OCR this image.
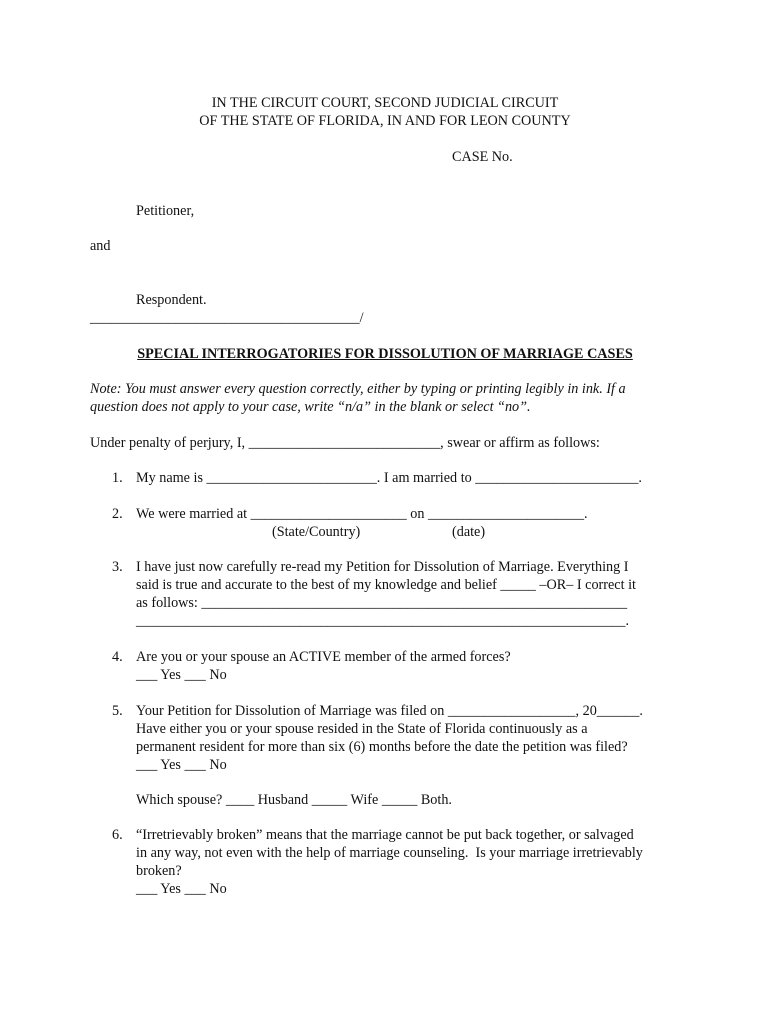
IN THE CIRCUIT COURT, SECOND JUDICIAL CIRCUIT
OF THE STATE OF FLORIDA, IN AND FOR LEON COUNTY
CASE No.
Petitioner,
and
Respondent.
______________________________________/
SPECIAL INTERROGATORIES FOR DISSOLUTION OF MARRIAGE CASES
Note: You must answer every question correctly, either by typing or printing legibly in ink. If a
question does not apply to your case, write “n/a” in the blank or select “no”.
Under penalty of perjury, I, ___________________________, swear or affirm as follows:
1. My name is ________________________. I am married to _______________________.
2. We were married at ______________________ on ______________________.
(State/Country)	(date)
3. I have just now carefully re-read my Petition for Dissolution of Marriage. Everything I
said is true and accurate to the best of my knowledge and belief _____ –OR– I correct it
as follows: ____________________________________________________________
_____________________________________________________________________.
4. Are you or your spouse an ACTIVE member of the armed forces?
___ Yes ___ No
5. Your Petition for Dissolution of Marriage was filed on __________________, 20______.
Have either you or your spouse resided in the State of Florida continuously as a
permanent resident for more than six (6) months before the date the petition was filed?
___ Yes ___ No
Which spouse? ____ Husband _____ Wife _____ Both.
6. “Irretrievably broken” means that the marriage cannot be put back together, or salvaged
in any way, not even with the help of marriage counseling.  Is your marriage irretrievably
broken?
___ Yes ___ No
